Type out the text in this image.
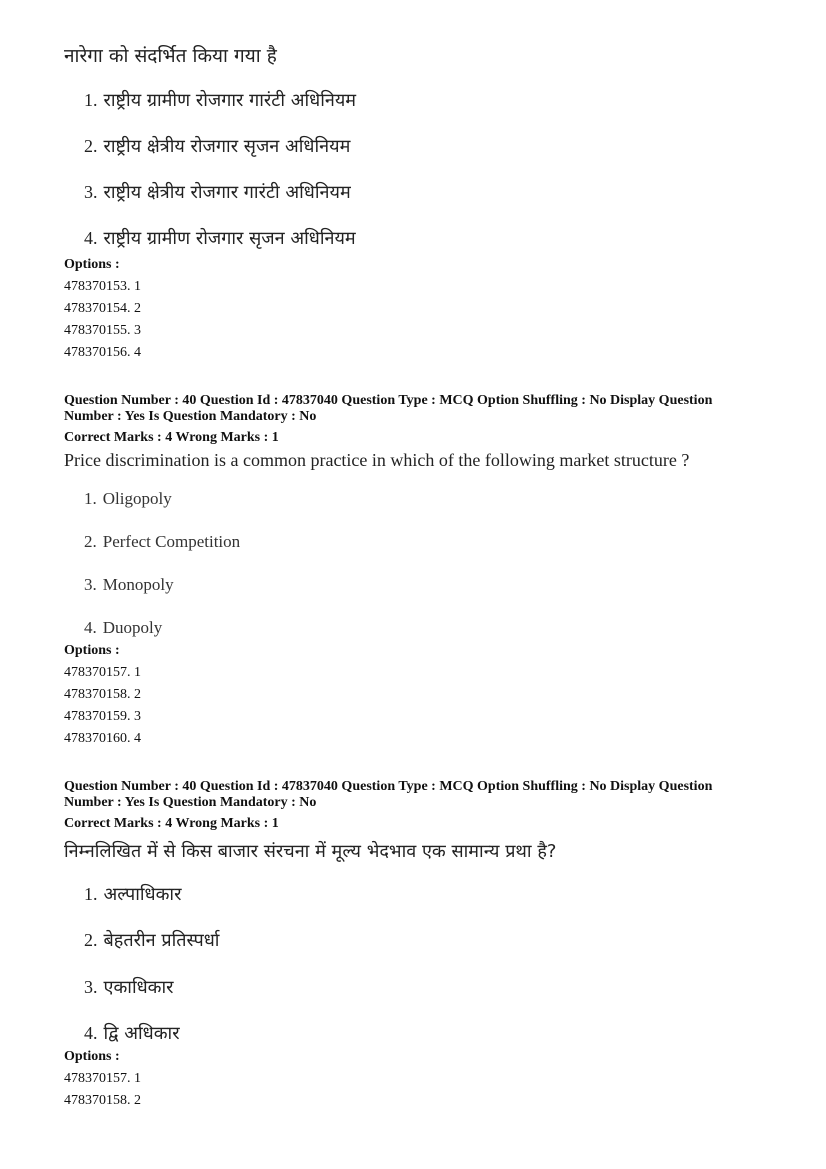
नारेगा को संदर्भित किया गया है
1. राष्ट्रीय ग्रामीण रोजगार गारंटी अधिनियम
2. राष्ट्रीय क्षेत्रीय रोजगार सृजन अधिनियम
3. राष्ट्रीय क्षेत्रीय रोजगार गारंटी अधिनियम
4. राष्ट्रीय ग्रामीण रोजगार सृजन अधिनियम
Options :
478370153. 1
478370154. 2
478370155. 3
478370156. 4
Question Number : 40 Question Id : 47837040 Question Type : MCQ Option Shuffling : No Display Question Number : Yes Is Question Mandatory : No
Correct Marks : 4 Wrong Marks : 1
Price discrimination is a common practice in which of the following market structure ?
1. Oligopoly
2. Perfect Competition
3. Monopoly
4. Duopoly
Options :
478370157. 1
478370158. 2
478370159. 3
478370160. 4
Question Number : 40 Question Id : 47837040 Question Type : MCQ Option Shuffling : No Display Question Number : Yes Is Question Mandatory : No
Correct Marks : 4 Wrong Marks : 1
निम्नलिखित में से किस बाजार संरचना में मूल्य भेदभाव एक सामान्य प्रथा है?
1. अल्पाधिकार
2. बेहतरीन प्रतिस्पर्धा
3. एकाधिकार
4. द्वि अधिकार
Options :
478370157. 1
478370158. 2
